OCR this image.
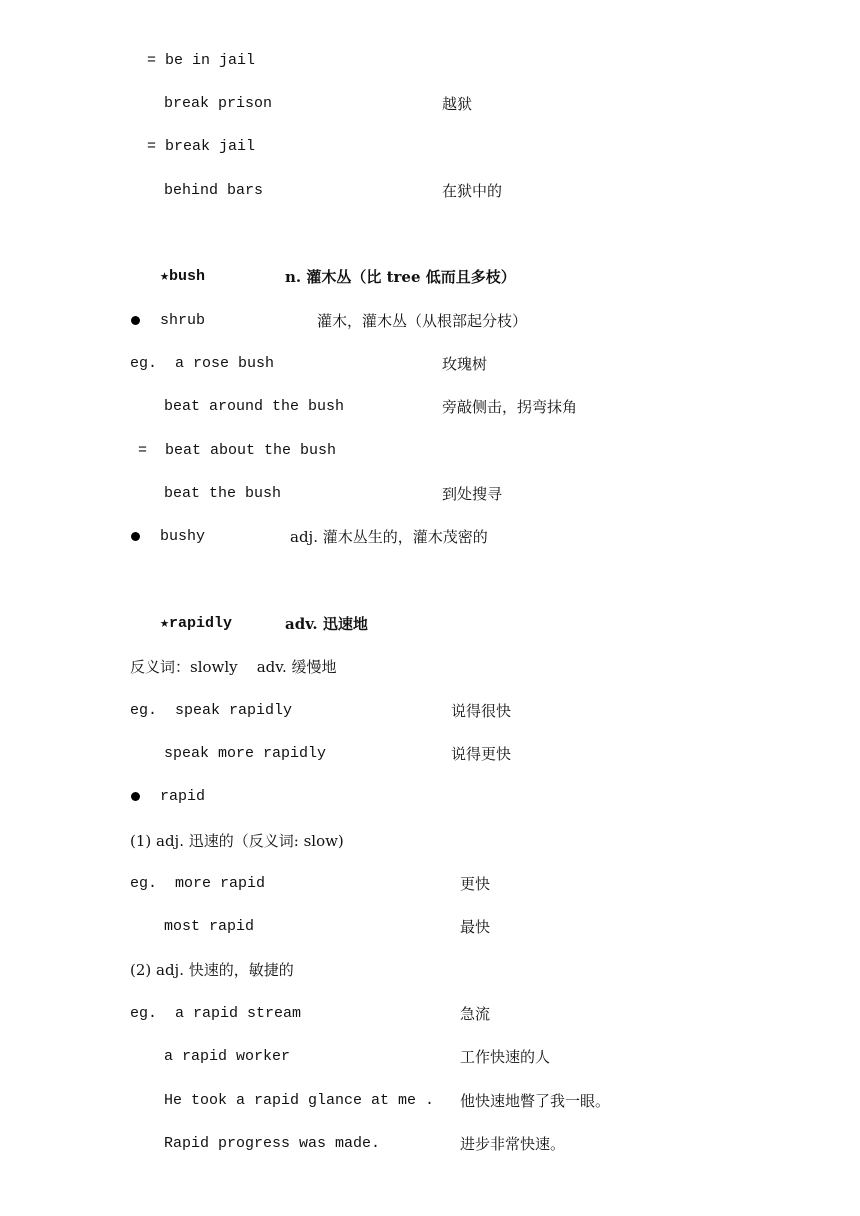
= be in jail
break prison	越狱
= break jail
behind bars	在狱中的
★bush	n. 灌木丛（比 tree 低而且多枝）
shrub	灌木，灌木丛（从根部起分枝）
eg.  a rose bush	玫瑰树
beat around the bush	旁敲侧击，拐弯抹角
=  beat about the bush
beat the bush	到处搜寻
bushy	adj. 灌木丛生的，灌木茂密的
★rapidly	adv. 迅速地
反义词：slowly    adv. 缓慢地
eg.  speak rapidly	说得很快
speak more rapidly	说得更快
rapid
(1) adj. 迅速的（反义词: slow)
eg.  more rapid	更快
most rapid	最快
(2) adj. 快速的，敏捷的
eg.  a rapid stream	急流
a rapid worker	工作快速的人
He took a rapid glance at me . 他快速地瞥了我一眼。
Rapid progress was made.	进步非常快速。
